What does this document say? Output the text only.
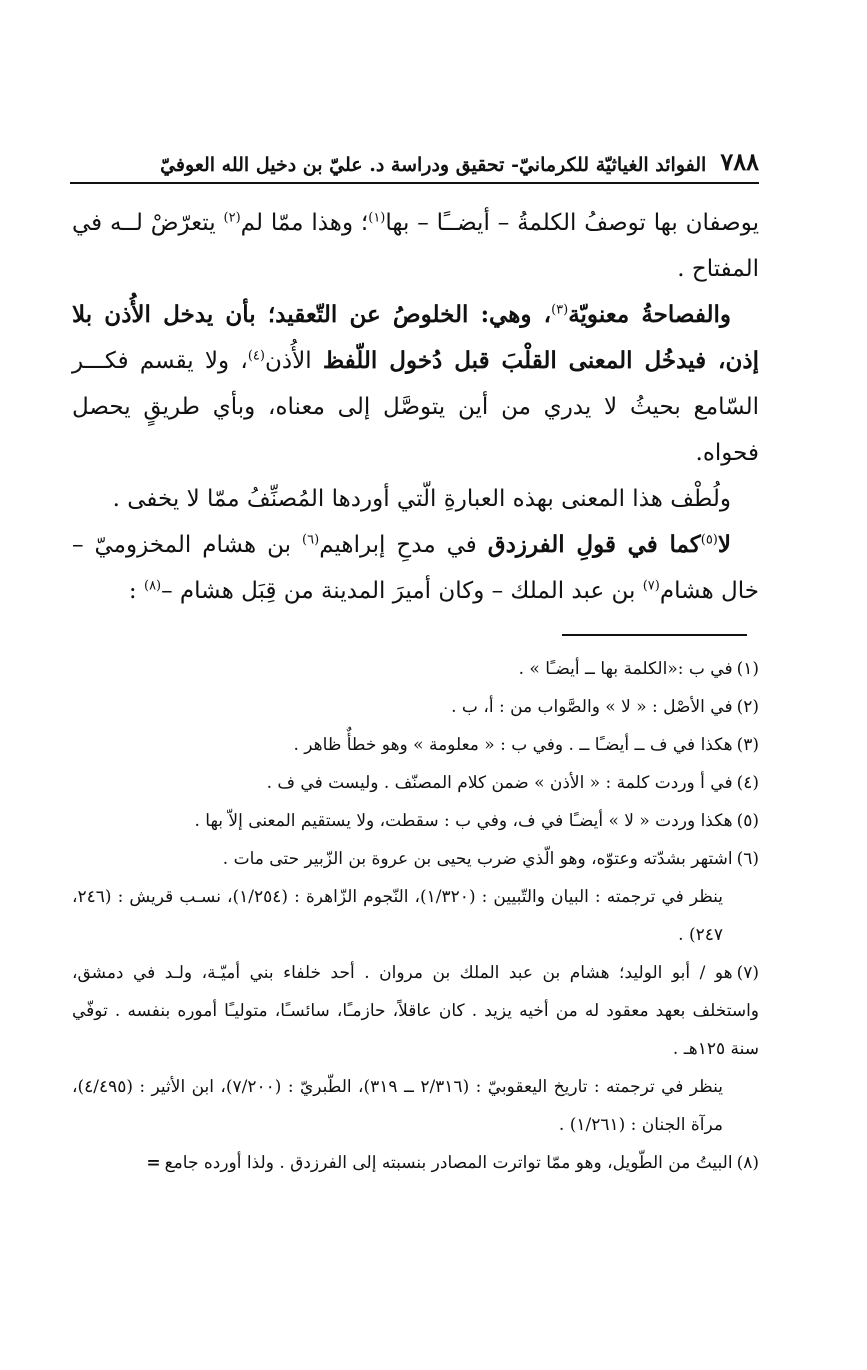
٧٨٨
الفوائد الغياثيّة للكرمانيّ- تحقيق ودراسة د. عليّ بن دخيل الله العوفيّ

يوصفان بها توصفُ الكلمةُ – أيضــًا – بها$^{(١)}$؛ وهذا ممّا لم$^{(٢)}$ يتعرّضْ لــه في المفتاح .

والفصاحةُ معنويّة$^{(٣)}$، وهي: الخلوصُ عن التّعقيد؛ بأن يدخل الأُذن بلا إذن، فيدخُل المعنى القلْبَ قبل دُخول اللّفظ الأُذن$^{(٤)}$، ولا يقسم فكـــر السّامع بحيثُ لا يدري من أين يتوصَّل إلى معناه، وبأي طريقٍ يحصل فحواه.

ولُطْف هذا المعنى بهذه العبارةِ الّتي أوردها المُصنِّفُ ممّا لا يخفى .

لا$^{(٥)}$كما في قولِ الفرزدق في مدحِ إبراهيم$^{(٦)}$ بن هشام المخزوميّ – خال هشام$^{(٧)}$ بن عبد الملك – وكان أميرَ المدينة من قِبَل هشام –$^{(٨)}$ :

(١)في ب :«الكلمة بها ــ أيضـًا » .

(٢)في الأصْل : « لا » والصَّواب من : أ، ب .

(٣)هكذا في ف ــ أيضـًا ــ . وفي ب : « معلومة » وهو خطأٌ ظاهر .

(٤)في أ وردت كلمة : « الأذن » ضمن كلام المصنّف . وليست في ف .

(٥)هكذا وردت « لا » أيضـًا في ف، وفي ب : سقطت، ولا يستقيم المعنى إلاّ بها .

(٦)اشتهر بشدّته وعتوّه، وهو الّذي ضرب يحيى بن عروة بن الزّبير حتى مات .

ينظر في ترجمته : البيان والتّبيين : (١/٣٢٠)، النّجوم الزّاهرة : (١/٢٥٤)، نسـب قريش : (٢٤٦، ٢٤٧) .

(٧)هو / أبو الوليد؛ هشام بن عبد الملك بن مروان . أحد خلفاء بني أميّـة، ولـد في دمشق، واستخلف بعهد معقود له من أخيه يزيد . كان عاقلاً، حازمـًا، سائسـًا، متوليـًا أموره بنفسه . توفّي سنة ١٢٥هـ .

ينظر في ترجمته : تاريخ اليعقوبيّ : (٢/٣١٦ ــ ٣١٩)، الطّبريّ : (٧/٢٠٠)، ابن الأثير : (٤/٤٩٥)، مرآة الجنان : (١/٢٦١) .

(٨)البيتُ من الطّويل، وهو ممّا تواترت المصادر بنسبته إلى الفرزدق . ولذا أورده جامع=
